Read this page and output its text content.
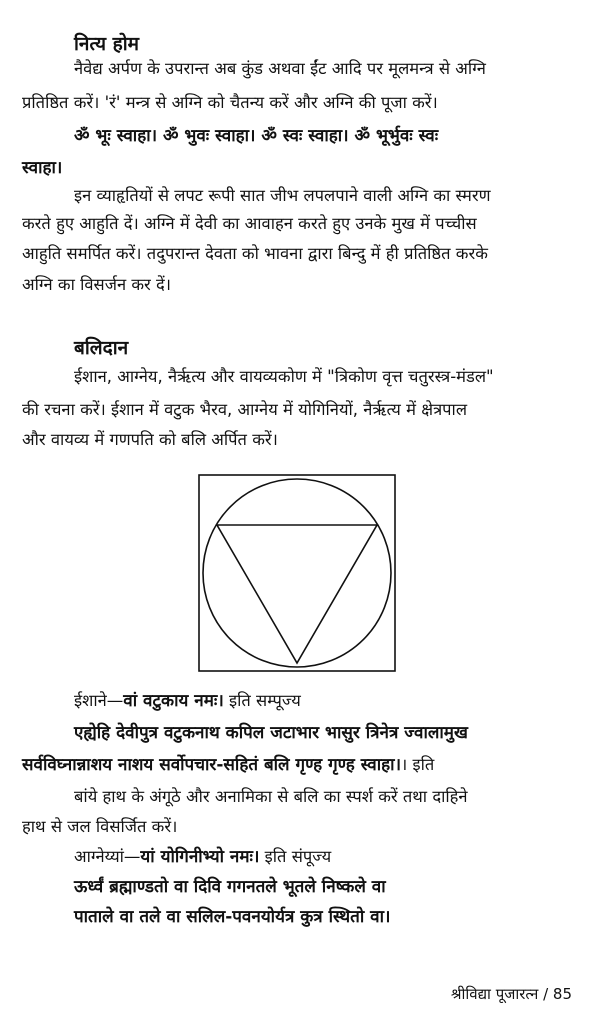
नित्य होम
नैवेद्य अर्पण के उपरान्त अब कुंड अथवा ईंट आदि पर मूलमन्त्र से अग्नि
प्रतिष्ठित करें। 'रं' मन्त्र से अग्नि को चैतन्य करें और अग्नि की पूजा करें।
ॐ भूः स्वाहा। ॐ भुवः स्वाहा। ॐ स्वः स्वाहा। ॐ भूर्भुवः स्वः
स्वाहा।
इन व्याहृतियों से लपट रूपी सात जीभ लपलपाने वाली अग्नि का स्मरण
करते हुए आहुति दें। अग्नि में देवी का आवाहन करते हुए उनके मुख में पच्चीस
आहुति समर्पित करें। तदुपरान्त देवता को भावना द्वारा बिन्दु में ही प्रतिष्ठित करके
अग्नि का विसर्जन कर दें।
बलिदान
ईशान, आग्नेय, नैर्ऋत्य और वायव्यकोण में "त्रिकोण वृत्त चतुरस्त्र-मंडल"
की रचना करें। ईशान में वटुक भैरव, आग्नेय में योगिनियों, नैर्ऋत्य में क्षेत्रपाल
और वायव्य में गणपति को बलि अर्पित करें।
ईशाने—वां वटुकाय नमः। इति सम्पूज्य
एह्येहि देवीपुत्र वटुकनाथ कपिल जटाभार भासुर त्रिनेत्र ज्वालामुख
सर्वविघ्नान्नाशय नाशय सर्वोपचार-सहितं बलि गृण्ह गृण्ह स्वाहा।। इति
बांये हाथ के अंगूठे और अनामिका से बलि का स्पर्श करें तथा दाहिने
हाथ से जल विसर्जित करें।
आग्नेय्यां—यां योगिनीभ्यो नमः। इति संपूज्य
ऊर्ध्वं ब्रह्माण्डतो वा दिवि गगनतले भूतले निष्कले वा
पाताले वा तले वा सलिल-पवनयोर्यत्र कुत्र स्थितो वा।
श्रीविद्या पूजारत्न / 85
